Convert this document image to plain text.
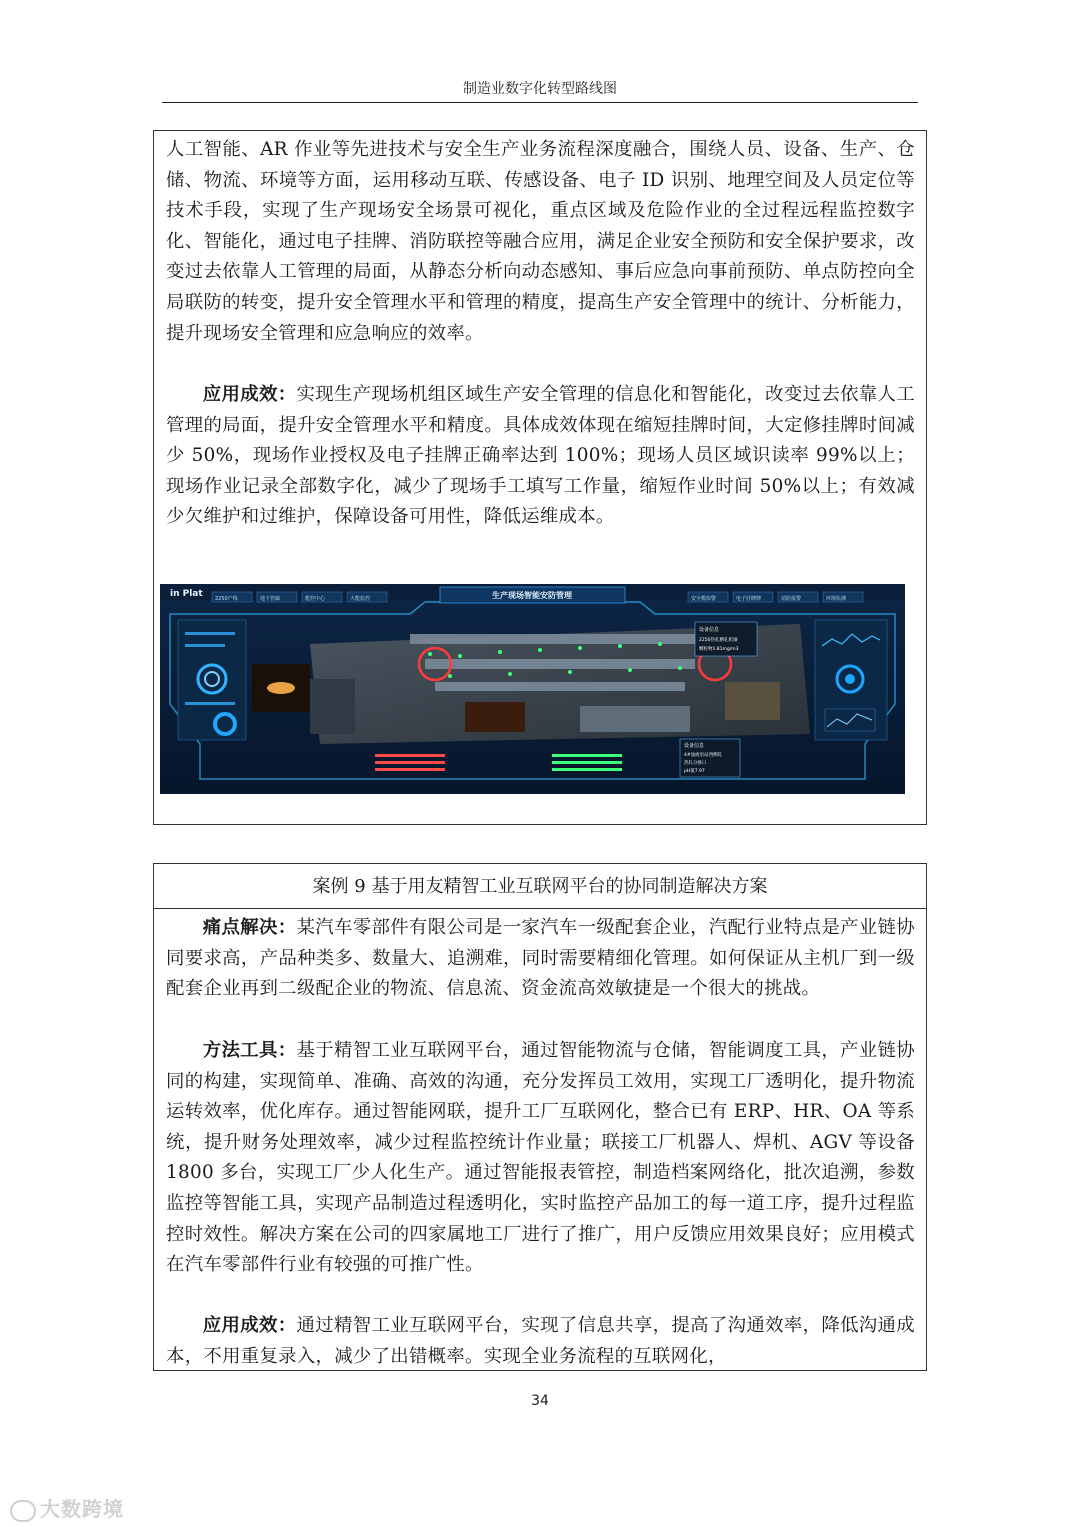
制造业数字化转型路线图

人工智能、AR 作业等先进技术与安全生产业务流程深度融合，围绕人员、设备、生产、仓储、物流、环境等方面，运用移动互联、传感设备、电子 ID 识别、地理空间及人员定位等技术手段，实现了生产现场安全场景可视化，重点区域及危险作业的全过程远程监控数字化、智能化，通过电子挂牌、消防联控等融合应用，满足企业安全预防和安全保护要求，改变过去依靠人工管理的局面，从静态分析向动态感知、事后应急向事前预防、单点防控向全局联防的转变，提升安全管理水平和管理的精度，提高生产安全管理中的统计、分析能力，提升现场安全管理和应急响应的效率。

应用成效：实现生产现场机组区域生产安全管理的信息化和智能化，改变过去依靠人工管理的局面，提升安全管理水平和精度。具体成效体现在缩短挂牌时间，大定修挂牌时间减少 50%，现场作业授权及电子挂牌正确率达到 100%；现场人员区域识读率 99%以上；现场作业记录全部数字化，减少了现场手工填写工作量，缩短作业时间 50%以上；有效减少欠维护和过维护，保障设备可用性，降低运维成本。

in Plat 2250产线	地下管廊	能控中心	大能监控	生产现场智能安防管理	安全模拟警	电子挂牌牌	消防报警	环境监测
设备信息
2250热轧精轧机轴
颗粒物1.81mg/m3
设备信息
4#浊液泵站西侧轧
热轧分排口
pH值7.97
案例 9 基于用友精智工业互联网平台的协同制造解决方案

痛点解决：某汽车零部件有限公司是一家汽车一级配套企业，汽配行业特点是产业链协同要求高，产品种类多、数量大、追溯难，同时需要精细化管理。如何保证从主机厂到一级配套企业再到二级配企业的物流、信息流、资金流高效敏捷是一个很大的挑战。

方法工具：基于精智工业互联网平台，通过智能物流与仓储，智能调度工具，产业链协同的构建，实现简单、准确、高效的沟通，充分发挥员工效用，实现工厂透明化，提升物流运转效率，优化库存。通过智能网联，提升工厂互联网化，整合已有 ERP、HR、OA 等系统，提升财务处理效率，减少过程监控统计作业量；联接工厂机器人、焊机、AGV 等设备 1800 多台，实现工厂少人化生产。通过智能报表管控，制造档案网络化，批次追溯，参数监控等智能工具，实现产品制造过程透明化，实时监控产品加工的每一道工序，提升过程监控时效性。解决方案在公司的四家属地工厂进行了推广，用户反馈应用效果良好；应用模式在汽车零部件行业有较强的可推广性。

应用成效：通过精智工业互联网平台，实现了信息共享，提高了沟通效率，降低沟通成本，不用重复录入，减少了出错概率。实现全业务流程的互联网化，

34
大数跨境
